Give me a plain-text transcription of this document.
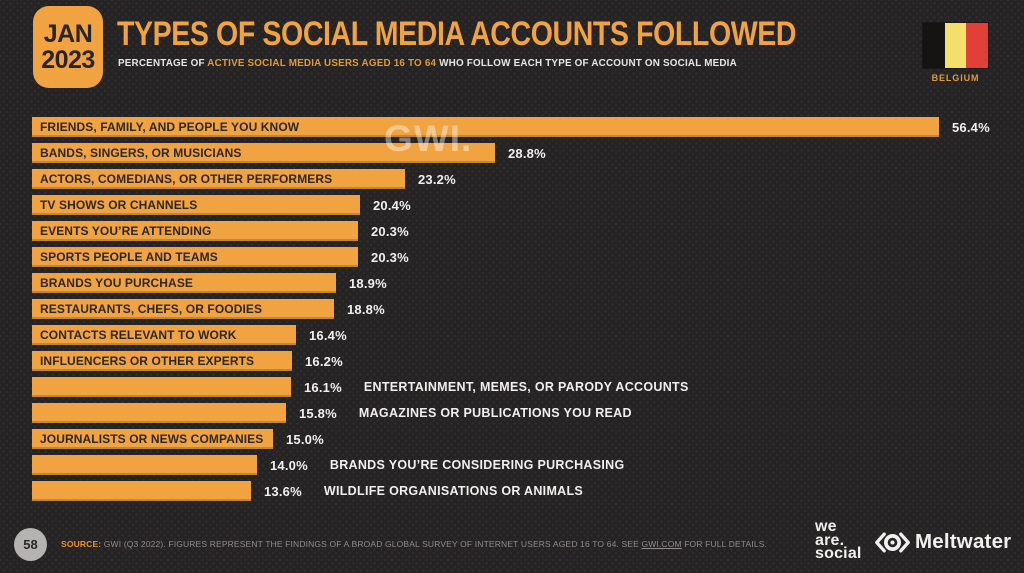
JAN
2023
TYPES OF SOCIAL MEDIA ACCOUNTS FOLLOWED
PERCENTAGE OF ACTIVE SOCIAL MEDIA USERS AGED 16 TO 64 WHO FOLLOW EACH TYPE OF ACCOUNT ON SOCIAL MEDIA
BELGIUM
FRIENDS, FAMILY, AND PEOPLE YOU KNOW	56.4%
BANDS, SINGERS, OR MUSICIANS	28.8%
ACTORS, COMEDIANS, OR OTHER PERFORMERS	23.2%
TV SHOWS OR CHANNELS	20.4%
EVENTS YOU’RE ATTENDING	20.3%
SPORTS PEOPLE AND TEAMS	20.3%
BRANDS YOU PURCHASE	18.9%
RESTAURANTS, CHEFS, OR FOODIES	18.8%
CONTACTS RELEVANT TO WORK	16.4%
INFLUENCERS OR OTHER EXPERTS	16.2%
16.1% ENTERTAINMENT, MEMES, OR PARODY ACCOUNTS
15.8% MAGAZINES OR PUBLICATIONS YOU READ
JOURNALISTS OR NEWS COMPANIES 15.0%
14.0% BRANDS YOU’RE CONSIDERING PURCHASING
13.6% WILDLIFE ORGANISATIONS OR ANIMALS
GWI.
58	SOURCE: GWI (Q3 2022). FIGURES REPRESENT THE FINDINGS OF A BROAD GLOBAL SURVEY OF INTERNET USERS AGED 16 TO 64. SEE GWI.COM FOR FULL DETAILS.
we
are.
social
Meltwater
